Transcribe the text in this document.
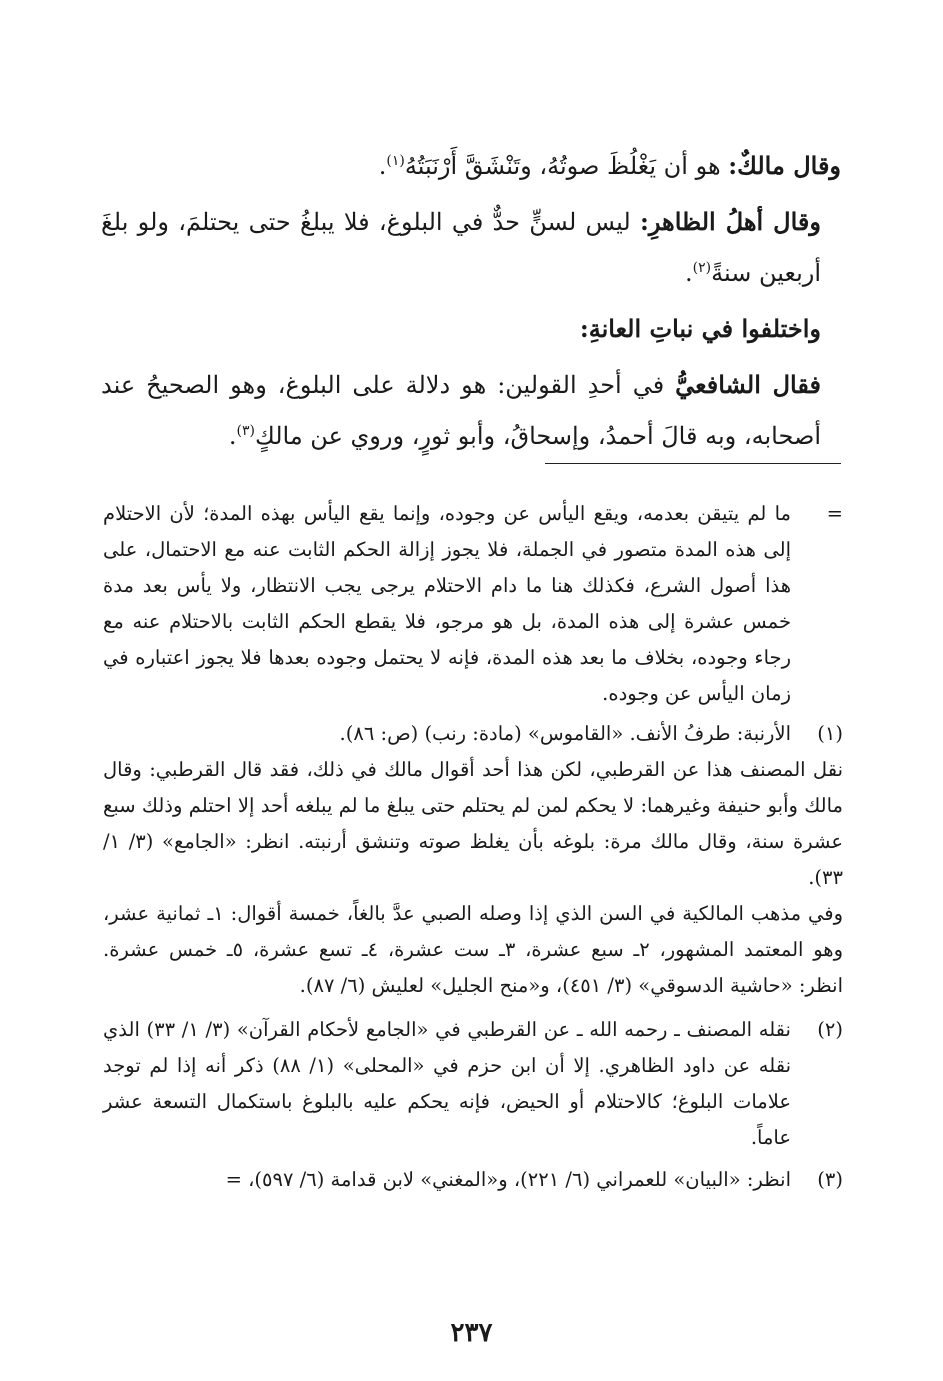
وقال مالكٌ: هو أن يَغْلُظَ صوتُهُ، وتَنْشَقَّ أَرْنَبَتُهُ$^{(١)}$.

وقال أهلُ الظاهرِ: ليس لسنٍّ حدٌّ في البلوغ، فلا يبلغُ حتى يحتلمَ، ولو بلغَ أربعين سنةً$^{(٢)}$.

واختلفوا في نباتِ العانةِ:

فقال الشافعيُّ في أحدِ القولين: هو دلالة على البلوغ، وهو الصحيحُ عند أصحابه، وبه قالَ أحمدُ، وإسحاقُ، وأبو ثورٍ، وروي عن مالكٍ$^{(٣)}$.

=

ما لم يتيقن بعدمه، ويقع اليأس عن وجوده، وإنما يقع اليأس بهذه المدة؛ لأن الاحتلام إلى هذه المدة متصور في الجملة، فلا يجوز إزالة الحكم الثابت عنه مع الاحتمال، على هذا أصول الشرع، فكذلك هنا ما دام الاحتلام يرجى يجب الانتظار، ولا يأس بعد مدة خمس عشرة إلى هذه المدة، بل هو مرجو، فلا يقطع الحكم الثابت بالاحتلام عنه مع رجاء وجوده، بخلاف ما بعد هذه المدة، فإنه لا يحتمل وجوده بعدها فلا يجوز اعتباره في زمان اليأس عن وجوده.

(١)

الأرنبة: طرفُ الأنف. «القاموس» (مادة: رنب) (ص: ٨٦).

نقل المصنف هذا عن القرطبي، لكن هذا أحد أقوال مالك في ذلك، فقد قال القرطبي: وقال مالك وأبو حنيفة وغيرهما: لا يحكم لمن لم يحتلم حتى يبلغ ما لم يبلغه أحد إلا احتلم وذلك سبع عشرة سنة، وقال مالك مرة: بلوغه بأن يغلظ صوته وتنشق أرنبته. انظر: «الجامع» (٣/ ١/ ٣٣).

وفي مذهب المالكية في السن الذي إذا وصله الصبي عدَّ بالغاً، خمسة أقوال: ١ـ ثمانية عشر، وهو المعتمد المشهور، ٢ـ سبع عشرة، ٣ـ ست عشرة، ٤ـ تسع عشرة، ٥ـ خمس عشرة. انظر: «حاشية الدسوقي» (٣/ ٤٥١)، و«منح الجليل» لعليش (٦/ ٨٧).

(٢)

نقله المصنف ـ رحمه الله ـ عن القرطبي في «الجامع لأحكام القرآن» (٣/ ١/ ٣٣) الذي نقله عن داود الظاهري. إلا أن ابن حزم في «المحلى» (١/ ٨٨) ذكر أنه إذا لم توجد علامات البلوغ؛ كالاحتلام أو الحيض، فإنه يحكم عليه بالبلوغ باستكمال التسعة عشر عاماً.

(٣)

انظر: «البيان» للعمراني (٦/ ٢٢١)، و«المغني» لابن قدامة (٦/ ٥٩٧)، =

٢٣٧
